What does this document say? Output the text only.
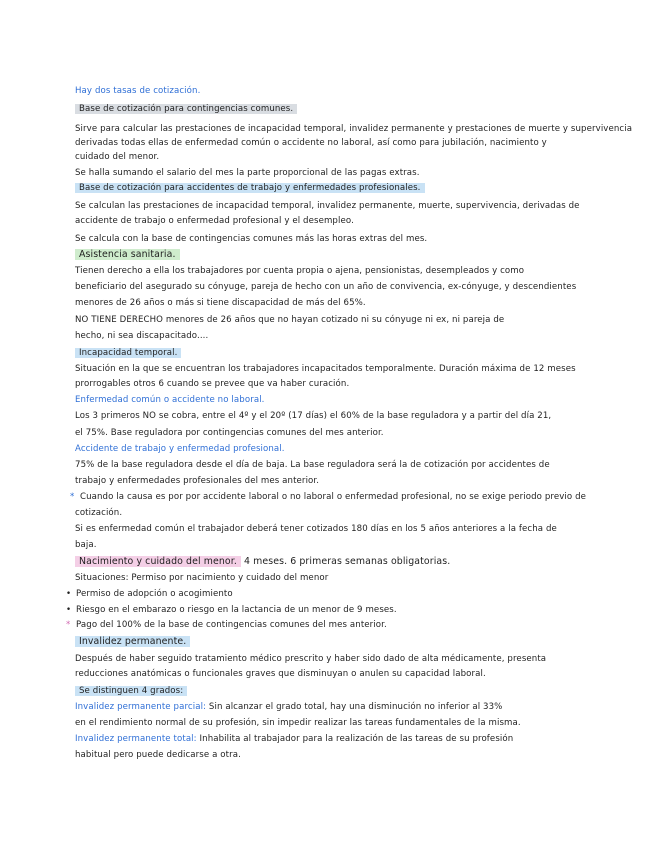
Hay dos tasas de cotización.
Base de cotización para contingencias comunes.
Sirve para calcular las prestaciones de incapacidad temporal, invalidez permanente y prestaciones de muerte y supervivencia
derivadas todas ellas de enfermedad común o accidente no laboral, así como para jubilación, nacimiento y
cuidado del menor.
Se halla sumando el salario del mes la parte proporcional de las pagas extras.
Base de cotización para accidentes de trabajo y enfermedades profesionales.
Se calculan las prestaciones de incapacidad temporal, invalidez permanente, muerte, supervivencia, derivadas de
accidente de trabajo o enfermedad profesional y el desempleo.
Se calcula con la base de contingencias comunes más las horas extras del mes.
Asistencia sanitaria.
Tienen derecho a ella los trabajadores por cuenta propia o ajena, pensionistas, desempleados y como
beneficiario del asegurado su cónyuge, pareja de hecho con un año de convivencia, ex-cónyuge, y descendientes
menores de 26 años o más si tiene discapacidad de más del 65%.
NO TIENE DERECHO menores de 26 años que no hayan cotizado ni su cónyuge ni ex, ni pareja de
hecho, ni sea discapacitado....
Incapacidad temporal.
Situación en la que se encuentran los trabajadores incapacitados temporalmente. Duración máxima de 12 meses
prorrogables otros 6 cuando se prevee que va haber curación.
Enfermedad común o accidente no laboral.
Los 3 primeros NO se cobra, entre el 4º y el 20º (17 días) el 60% de la base reguladora y a partir del día 21,
el 75%. Base reguladora por contingencias comunes del mes anterior.
Accidente de trabajo y enfermedad profesional.
75% de la base reguladora desde el día de baja. La base reguladora será la de cotización por accidentes de
trabajo y enfermedades profesionales del mes anterior.
* Cuando la causa es por por accidente laboral o no laboral o enfermedad profesional, no se exige periodo previo de
cotización.
Si es enfermedad común el trabajador deberá tener cotizados 180 días en los 5 años anteriores a la fecha de
baja.
Nacimiento y cuidado del menor. 4 meses. 6 primeras semanas obligatorias.
Situaciones: Permiso por nacimiento y cuidado del menor
• Permiso de adopción o acogimiento
• Riesgo en el embarazo o riesgo en la lactancia de un menor de 9 meses.
* Pago del 100% de la base de contingencias comunes del mes anterior.
Invalidez permanente.
Después de haber seguido tratamiento médico prescrito y haber sido dado de alta médicamente, presenta
reducciones anatómicas o funcionales graves que disminuyan o anulen su capacidad laboral.
Se distinguen 4 grados:
Invalidez permanente parcial: Sin alcanzar el grado total, hay una disminución no inferior al 33%
en el rendimiento normal de su profesión, sin impedir realizar las tareas fundamentales de la misma.
Invalidez permanente total: Inhabilita al trabajador para la realización de las tareas de su profesión
habitual pero puede dedicarse a otra.
